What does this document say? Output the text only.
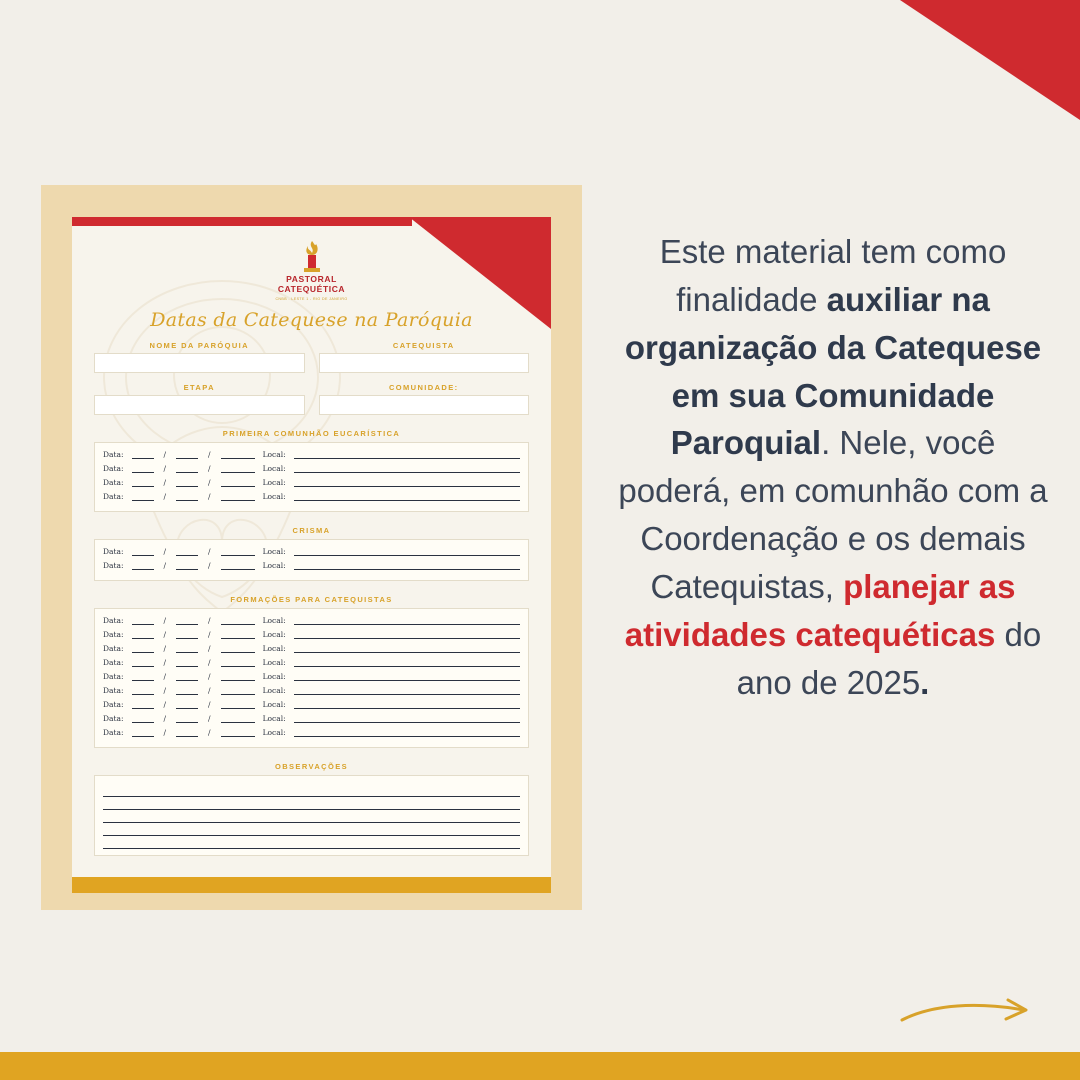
PASTORAL
CATEQUÉTICA
CNBB - LESTE 1 - RIO DE JANEIRO
Datas da Catequese na Paróquia
NOME DA PARÓQUIA	CATEQUISTA
ETAPA	COMUNIDADE:
PRIMEIRA COMUNHÃO EUCARÍSTICA
Data:	/	/	Local:
Data:	/	/	Local:
Data:	/	/	Local:
Data:	/	/	Local:
CRISMA
Data:	/	/	Local:
Data:	/	/	Local:
FORMAÇÕES PARA CATEQUISTAS
Data:	/	/	Local:
Data:	/	/	Local:
Data:	/	/	Local:
Data:	/	/	Local:
Data:	/	/	Local:
Data:	/	/	Local:
Data:	/	/	Local:
Data:	/	/	Local:
Data:	/	/	Local:
OBSERVAÇÕES
Este material tem como finalidade auxiliar na organização da Catequese em sua Comunidade Paroquial. Nele, você poderá, em comunhão com a Coordenação e os demais Catequistas, planejar as atividades catequéticas do ano de 2025.
